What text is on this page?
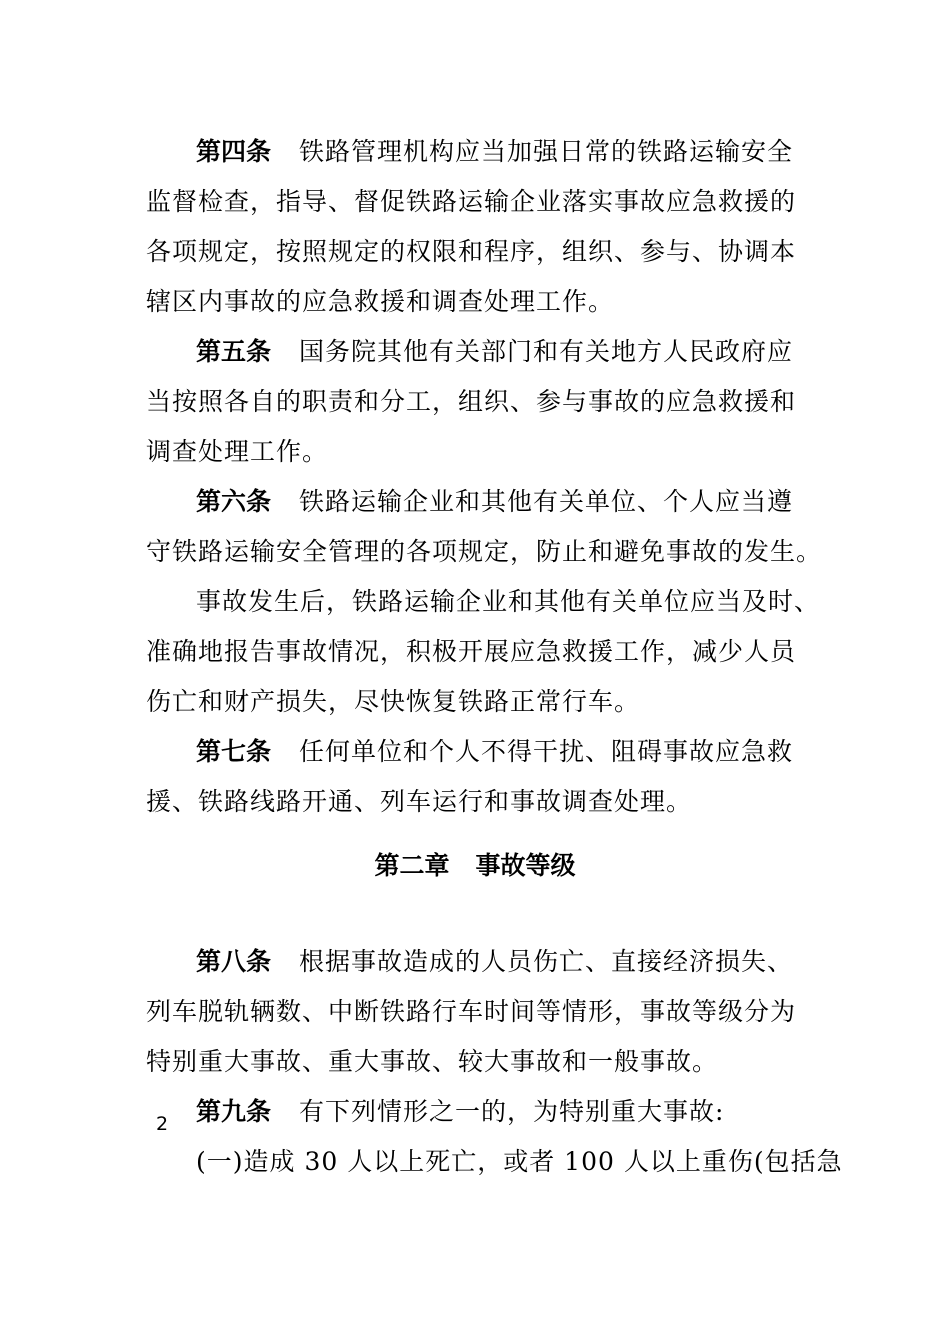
第四条 铁路管理机构应当加强日常的铁路运输安全
监督检查，指导、督促铁路运输企业落实事故应急救援的
各项规定，按照规定的权限和程序，组织、参与、协调本
辖区内事故的应急救援和调查处理工作。
第五条 国务院其他有关部门和有关地方人民政府应
当按照各自的职责和分工，组织、参与事故的应急救援和
调查处理工作。
第六条 铁路运输企业和其他有关单位、个人应当遵
守铁路运输安全管理的各项规定，防止和避免事故的发生。
事故发生后，铁路运输企业和其他有关单位应当及时、
准确地报告事故情况，积极开展应急救援工作，减少人员
伤亡和财产损失，尽快恢复铁路正常行车。
第七条 任何单位和个人不得干扰、阻碍事故应急救
援、铁路线路开通、列车运行和事故调查处理。
第二章 事故等级
第八条 根据事故造成的人员伤亡、直接经济损失、
列车脱轨辆数、中断铁路行车时间等情形，事故等级分为
特别重大事故、重大事故、较大事故和一般事故。
第九条 有下列情形之一的，为特别重大事故:
(一)造成 30 人以上死亡，或者 100 人以上重伤(包括急
2
